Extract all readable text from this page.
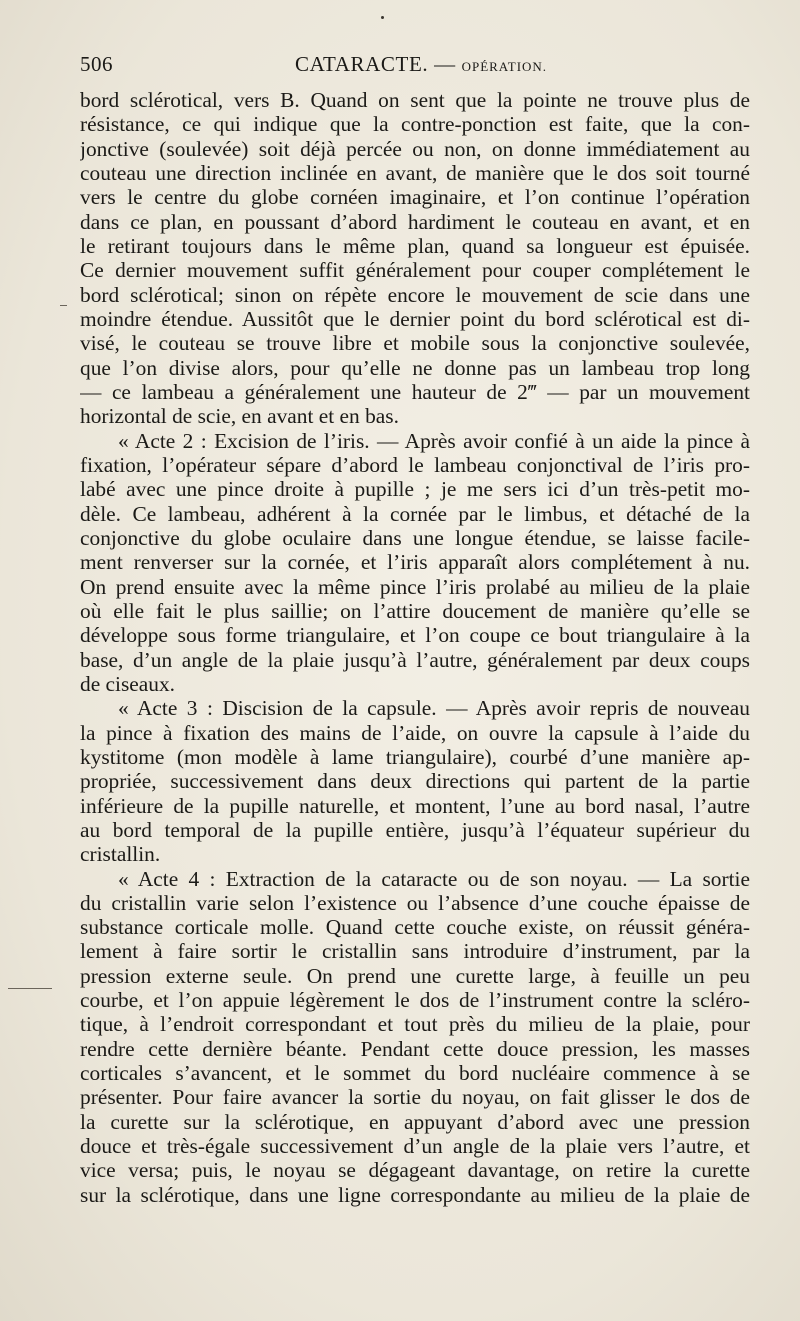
506	CATARACTE. — OPÉRATION.
bord sclérotical, vers B. Quand on sent que la pointe ne trouve plus de
résistance, ce qui indique que la contre-ponction est faite, que la con-
jonctive (soulevée) soit déjà percée ou non, on donne immédiatement au
couteau une direction inclinée en avant, de manière que le dos soit tourné
vers le centre du globe cornéen imaginaire, et l’on continue l’opération
dans ce plan, en poussant d’abord hardiment le couteau en avant, et en
le retirant toujours dans le même plan, quand sa longueur est épuisée.
Ce dernier mouvement suffit généralement pour couper complétement le
bord sclérotical; sinon on répète encore le mouvement de scie dans une
moindre étendue. Aussitôt que le dernier point du bord sclérotical est di-
visé, le couteau se trouve libre et mobile sous la conjonctive soulevée,
que l’on divise alors, pour qu’elle ne donne pas un lambeau trop long
— ce lambeau a généralement une hauteur de 2‴ — par un mouvement
horizontal de scie, en avant et en bas.
« Acte 2 : Excision de l’iris. — Après avoir confié à un aide la pince à
fixation, l’opérateur sépare d’abord le lambeau conjonctival de l’iris pro-
labé avec une pince droite à pupille ; je me sers ici d’un très-petit mo-
dèle. Ce lambeau, adhérent à la cornée par le limbus, et détaché de la
conjonctive du globe oculaire dans une longue étendue, se laisse facile-
ment renverser sur la cornée, et l’iris apparaît alors complétement à nu.
On prend ensuite avec la même pince l’iris prolabé au milieu de la plaie
où elle fait le plus saillie; on l’attire doucement de manière qu’elle se
développe sous forme triangulaire, et l’on coupe ce bout triangulaire à la
base, d’un angle de la plaie jusqu’à l’autre, généralement par deux coups
de ciseaux.
« Acte 3 : Discision de la capsule. — Après avoir repris de nouveau
la pince à fixation des mains de l’aide, on ouvre la capsule à l’aide du
kystitome (mon modèle à lame triangulaire), courbé d’une manière ap-
propriée, successivement dans deux directions qui partent de la partie
inférieure de la pupille naturelle, et montent, l’une au bord nasal, l’autre
au bord temporal de la pupille entière, jusqu’à l’équateur supérieur du
cristallin.
« Acte 4 : Extraction de la cataracte ou de son noyau. — La sortie
du cristallin varie selon l’existence ou l’absence d’une couche épaisse de
substance corticale molle. Quand cette couche existe, on réussit généra-
lement à faire sortir le cristallin sans introduire d’instrument, par la
pression externe seule. On prend une curette large, à feuille un peu
courbe, et l’on appuie légèrement le dos de l’instrument contre la scléro-
tique, à l’endroit correspondant et tout près du milieu de la plaie, pour
rendre cette dernière béante. Pendant cette douce pression, les masses
corticales s’avancent, et le sommet du bord nucléaire commence à se
présenter. Pour faire avancer la sortie du noyau, on fait glisser le dos de
la curette sur la sclérotique, en appuyant d’abord avec une pression
douce et très-égale successivement d’un angle de la plaie vers l’autre, et
vice versa; puis, le noyau se dégageant davantage, on retire la curette
sur la sclérotique, dans une ligne correspondante au milieu de la plaie de
